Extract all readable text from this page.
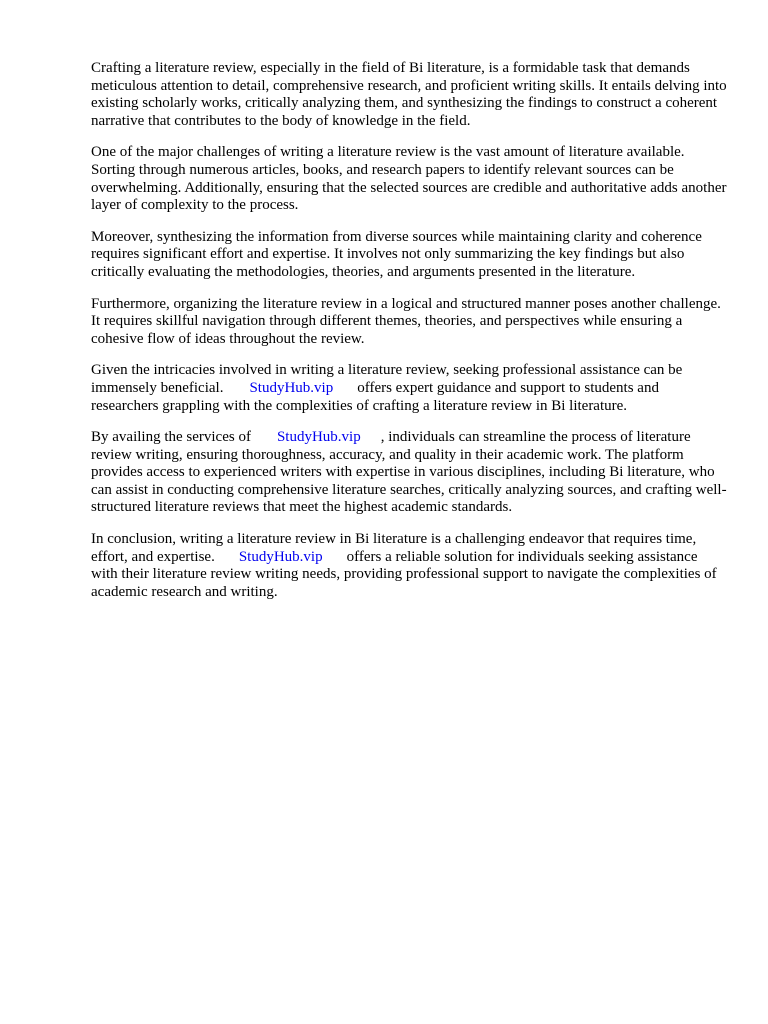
Crafting a literature review, especially in the field of Bi literature, is a formidable task that demands meticulous attention to detail, comprehensive research, and proficient writing skills. It entails delving into existing scholarly works, critically analyzing them, and synthesizing the findings to construct a coherent narrative that contributes to the body of knowledge in the field.

One of the major challenges of writing a literature review is the vast amount of literature available. Sorting through numerous articles, books, and research papers to identify relevant sources can be overwhelming. Additionally, ensuring that the selected sources are credible and authoritative adds another layer of complexity to the process.

Moreover, synthesizing the information from diverse sources while maintaining clarity and coherence requires significant effort and expertise. It involves not only summarizing the key findings but also critically evaluating the methodologies, theories, and arguments presented in the literature.

Furthermore, organizing the literature review in a logical and structured manner poses another challenge. It requires skillful navigation through different themes, theories, and perspectives while ensuring a cohesive flow of ideas throughout the review.

Given the intricacies involved in writing a literature review, seeking professional assistance can be immensely beneficial. StudyHub.vip offers expert guidance and support to students and researchers grappling with the complexities of crafting a literature review in Bi literature.

By availing the services of StudyHub.vip , individuals can streamline the process of literature review writing, ensuring thoroughness, accuracy, and quality in their academic work. The platform provides access to experienced writers with expertise in various disciplines, including Bi literature, who can assist in conducting comprehensive literature searches, critically analyzing sources, and crafting well-structured literature reviews that meet the highest academic standards.

In conclusion, writing a literature review in Bi literature is a challenging endeavor that requires time, effort, and expertise. StudyHub.vip offers a reliable solution for individuals seeking assistance with their literature review writing needs, providing professional support to navigate the complexities of academic research and writing.
